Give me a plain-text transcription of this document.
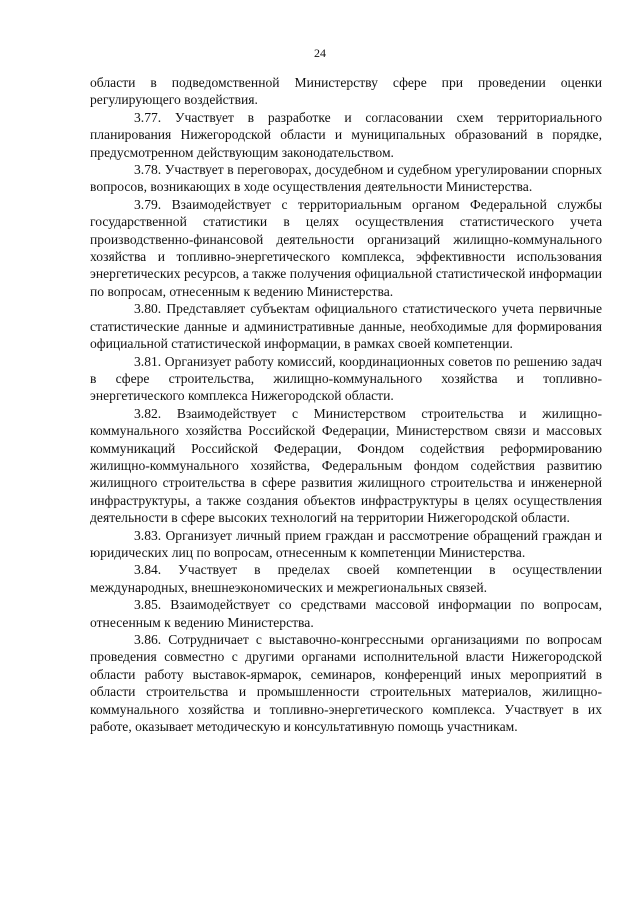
24

области в подведомственной Министерству сфере при проведении оценки регулирующего воздействия.

3.77. Участвует в разработке и согласовании схем территориального планирования Нижегородской области и муниципальных образований в порядке, предусмотренном действующим законодательством.

3.78. Участвует в переговорах, досудебном и судебном урегулировании спорных вопросов, возникающих в ходе осуществления деятельности Министерства.

3.79. Взаимодействует с территориальным органом Федеральной службы государственной статистики в целях осуществления статистического учета производственно-финансовой деятельности организаций жилищно-коммунального хозяйства и топливно-энергетического комплекса, эффективности использования энергетических ресурсов, а также получения официальной статистической информации по вопросам, отнесенным к ведению Министерства.

3.80. Представляет субъектам официального статистического учета первичные статистические данные и административные данные, необходимые для формирования официальной статистической информации, в рамках своей компетенции.

3.81. Организует работу комиссий, координационных советов по решению задач в сфере строительства, жилищно-коммунального хозяйства и топливно-энергетического комплекса Нижегородской области.

3.82. Взаимодействует с Министерством строительства и жилищно-коммунального хозяйства Российской Федерации, Министерством связи и массовых коммуникаций Российской Федерации, Фондом содействия реформированию жилищно-коммунального хозяйства, Федеральным фондом содействия развитию жилищного строительства в сфере развития жилищного строительства и инженерной инфраструктуры, а также создания объектов инфраструктуры в целях осуществления деятельности в сфере высоких технологий на территории Нижегородской области.

3.83. Организует личный прием граждан и рассмотрение обращений граждан и юридических лиц по вопросам, отнесенным к компетенции Министерства.

3.84. Участвует в пределах своей компетенции в осуществлении международных, внешнеэкономических и межрегиональных связей.

3.85. Взаимодействует со средствами массовой информации по вопросам, отнесенным к ведению Министерства.

3.86. Сотрудничает с выставочно-конгрессными организациями по вопросам проведения совместно с другими органами исполнительной власти Нижегородской области работу выставок-ярмарок, семинаров, конференций иных мероприятий в области строительства и промышленности строительных материалов, жилищно-коммунального хозяйства и топливно-энергетического комплекса. Участвует в их работе, оказывает методическую и консультативную помощь участникам.
